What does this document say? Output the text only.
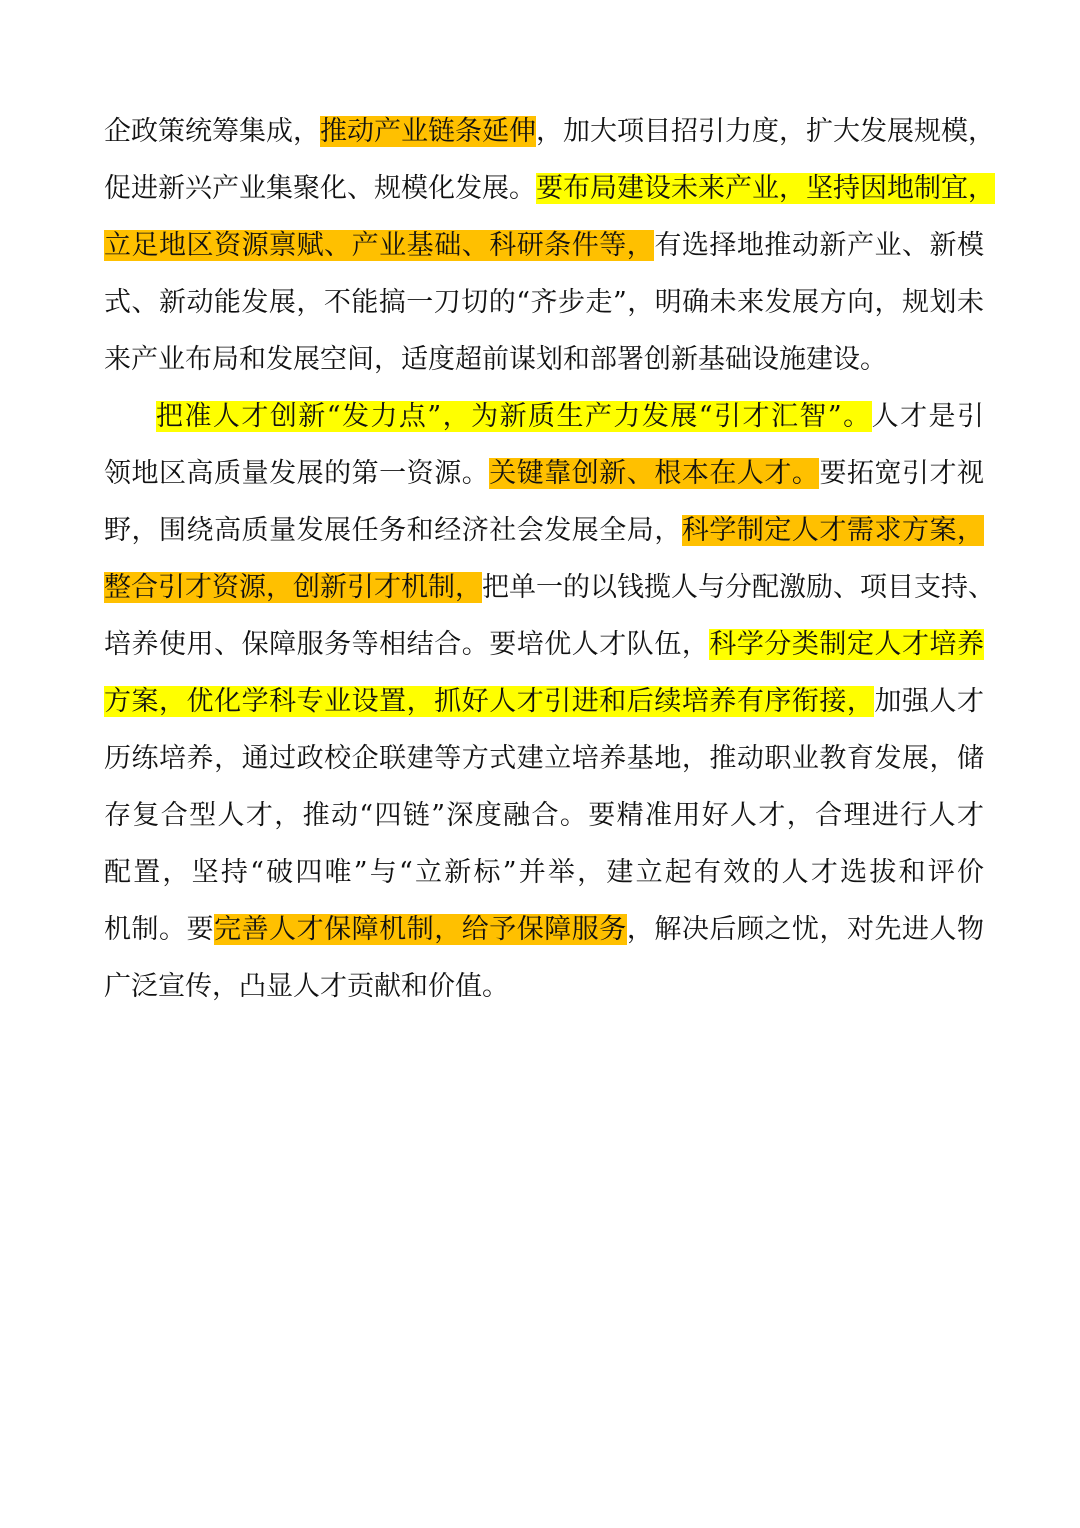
企政策统筹集成，推动产业链条延伸，加大项目招引力度，扩大发展规模，
促进新兴产业集聚化、规模化发展。要布局建设未来产业，坚持因地制宜，
立足地区资源禀赋、产业基础、科研条件等，有选择地推动新产业、新模
式、新动能发展，不能搞一刀切的“齐步走”，明确未来发展方向，规划未
来产业布局和发展空间，适度超前谋划和部署创新基础设施建设。
把准人才创新“发力点”，为新质生产力发展“引才汇智”。人才是引
领地区高质量发展的第一资源。关键靠创新、根本在人才。要拓宽引才视
野，围绕高质量发展任务和经济社会发展全局，科学制定人才需求方案，
整合引才资源，创新引才机制，把单一的以钱揽人与分配激励、项目支持、
培养使用、保障服务等相结合。要培优人才队伍，科学分类制定人才培养
方案，优化学科专业设置，抓好人才引进和后续培养有序衔接，加强人才
历练培养，通过政校企联建等方式建立培养基地，推动职业教育发展，储
存复合型人才，推动“四链”深度融合。要精准用好人才，合理进行人才
配置，坚持“破四唯”与“立新标”并举，建立起有效的人才选拔和评价
机制。要完善人才保障机制，给予保障服务，解决后顾之忧，对先进人物
广泛宣传，凸显人才贡献和价值。
